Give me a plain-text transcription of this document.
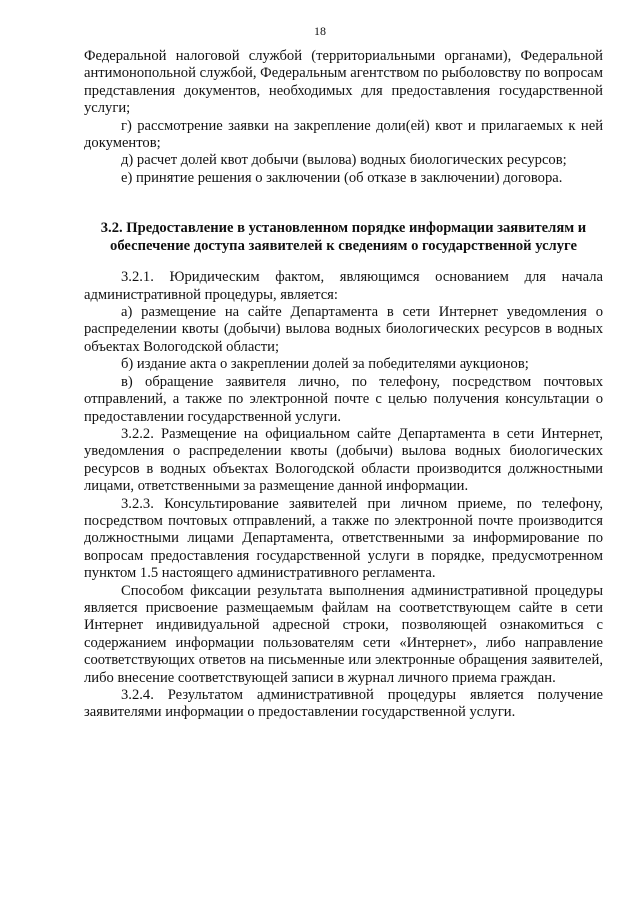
18

Федеральной налоговой службой (территориальными органами), Федеральной антимонопольной службой, Федеральным агентством по рыболовству по вопросам представления документов, необходимых для предоставления государственной услуги;

г) рассмотрение заявки на закрепление доли(ей) квот и прилагаемых к ней документов;

д) расчет долей квот добычи (вылова) водных биологических ресурсов;

е) принятие решения о заключении (об отказе в заключении) договора.

3.2. Предоставление в установленном порядке информации заявителям и обеспечение доступа заявителей к сведениям о государственной услуге

3.2.1. Юридическим фактом, являющимся основанием для начала административной процедуры, является:

а) размещение на сайте Департамента в сети Интернет уведомления о распределении квоты (добычи) вылова водных биологических ресурсов в водных объектах Вологодской области;

б) издание акта о закреплении долей за победителями аукционов;

в) обращение заявителя лично, по телефону, посредством почтовых отправлений, а также по электронной почте с целью получения консультации о предоставлении государственной услуги.

3.2.2. Размещение на официальном сайте Департамента в сети Интернет, уведомления о распределении квоты (добычи) вылова водных биологических ресурсов в водных объектах Вологодской области производится должностными лицами, ответственными за размещение данной информации.

3.2.3. Консультирование заявителей при личном приеме, по телефону, посредством почтовых отправлений, а также по электронной почте производится должностными лицами Департамента, ответственными за информирование по вопросам предоставления государственной услуги в порядке, предусмотренном пунктом 1.5 настоящего административного регламента.

Способом фиксации результата выполнения административной процедуры является присвоение размещаемым файлам на соответствующем сайте в сети Интернет индивидуальной адресной строки, позволяющей ознакомиться с содержанием информации пользователям сети «Интернет», либо направление соответствующих ответов на письменные или электронные обращения заявителей, либо внесение соответствующей записи в журнал личного приема граждан.

3.2.4. Результатом административной процедуры является получение заявителями информации о предоставлении государственной услуги.
